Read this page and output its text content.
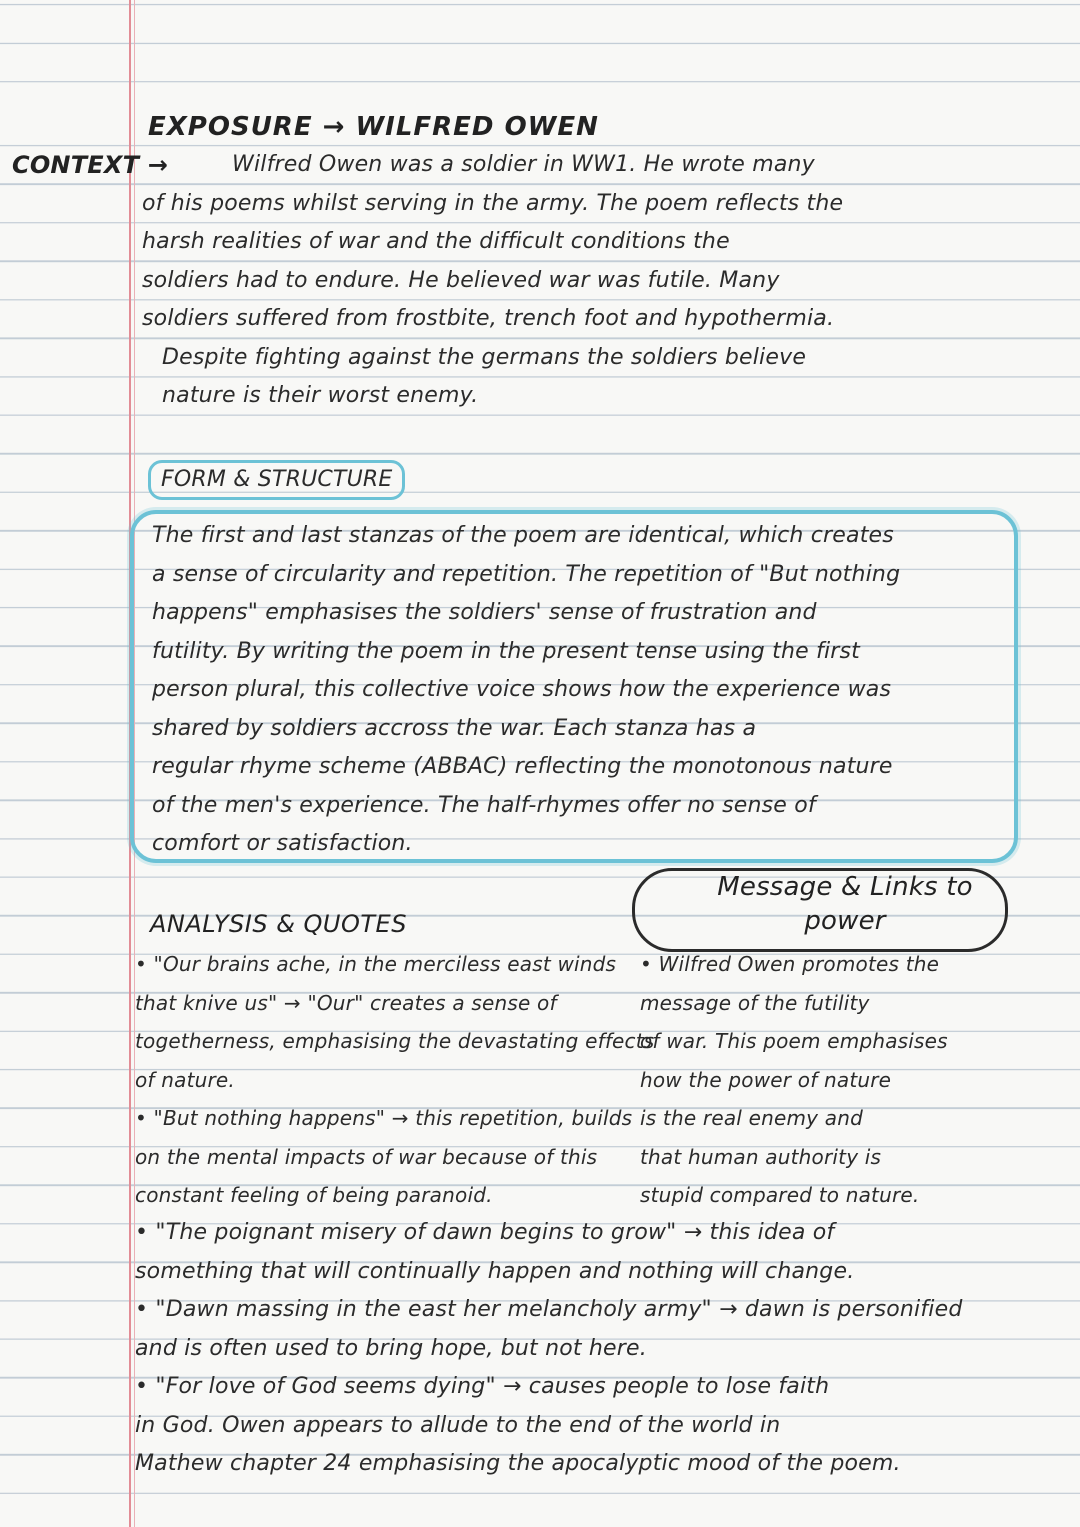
EXPOSURE → WILFRED OWEN
CONTEXT →	Wilfred Owen was a soldier in WW1. He wrote many

of his poems whilst serving in the army. The poem reflects the

harsh realities of war and the difficult conditions the

soldiers had to endure. He believed war was futile. Many

soldiers suffered from frostbite, trench foot and hypothermia.

Despite fighting against the germans the soldiers believe

nature is their worst enemy.

FORM & STRUCTURE

The first and last stanzas of the poem are identical, which creates

a sense of circularity and repetition. The repetition of "But nothing

happens" emphasises the soldiers' sense of frustration and

futility. By writing the poem in the present tense using the first

person plural, this collective voice shows how the experience was

shared by soldiers accross the war. Each stanza has a

regular rhyme scheme (ABBAC) reflecting the monotonous nature

of the men's experience. The half-rhymes offer no sense of

comfort or satisfaction.

Message & Links to power
ANALYSIS & QUOTES

• "Our brains ache, in the merciless east winds

that knive us" → "Our" creates a sense of

togetherness, emphasising the devastating effects

of nature.

• "But nothing happens" → this repetition, builds

on the mental impacts of war because of this

constant feeling of being paranoid.

• Wilfred Owen promotes the

message of the futility

of war. This poem emphasises

how the power of nature

is the real enemy and

that human authority is

stupid compared to nature.

• "The poignant misery of dawn begins to grow" → this idea of

something that will continually happen and nothing will change.

• "Dawn massing in the east her melancholy army" → dawn is personified

and is often used to bring hope, but not here.

• "For love of God seems dying" → causes people to lose faith

in God. Owen appears to allude to the end of the world in

Mathew chapter 24 emphasising the apocalyptic mood of the poem.
